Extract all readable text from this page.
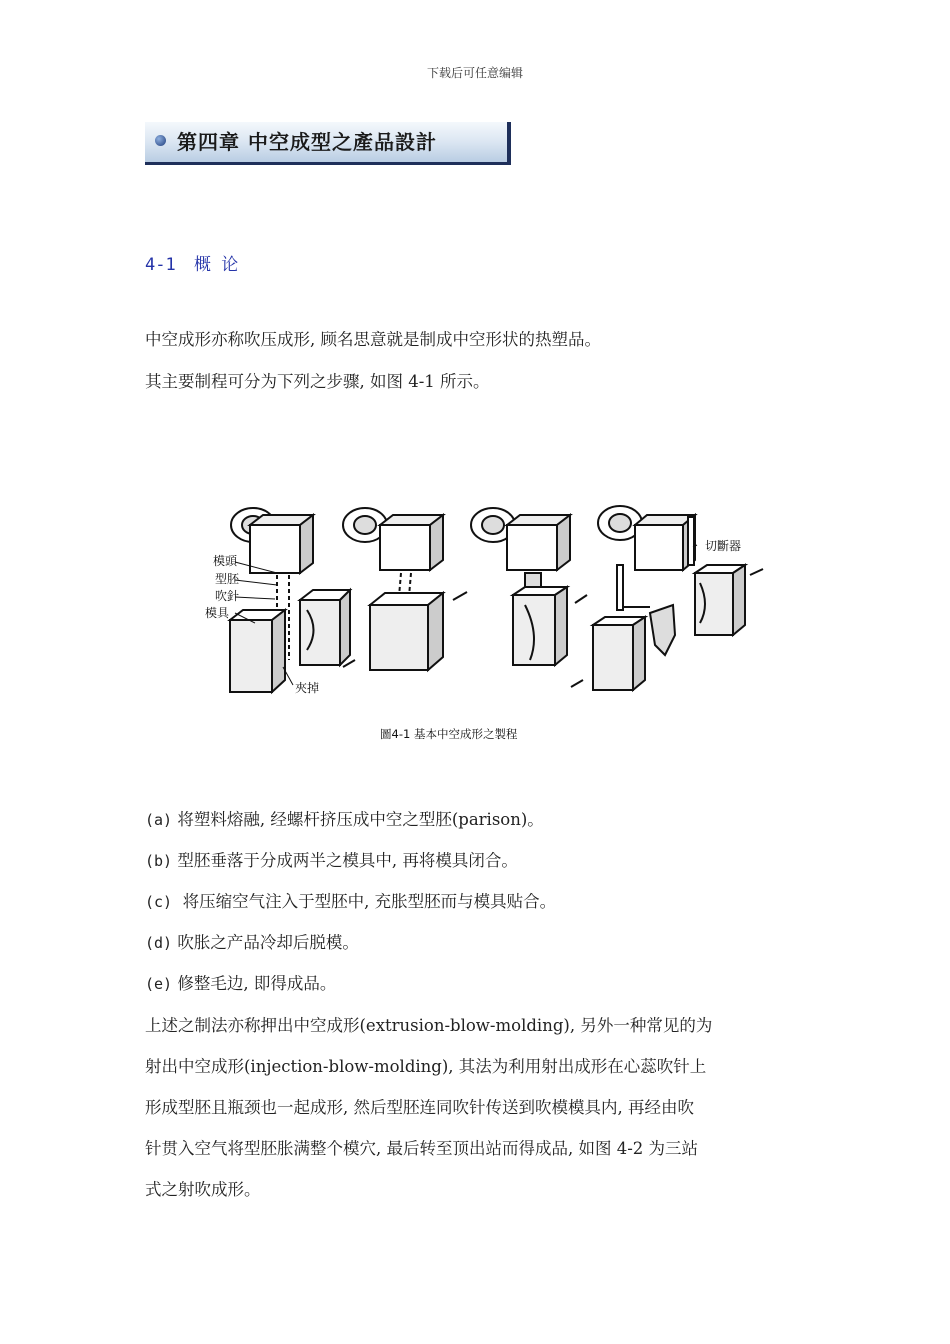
下载后可任意编辑
第四章 中空成型之產品設計
4-1 概 论
中空成形亦称吹压成形, 顾名思意就是制成中空形状的热塑品。
其主要制程可分为下列之步骤, 如图 4-1 所示。
模頭
型胚
吹針
模具
夾掉
切斷器
圖4-1 基本中空成形之製程
(a) 将塑料熔融, 经螺杆挤压成中空之型胚(parison)。
(b) 型胚垂落于分成两半之模具中, 再将模具闭合。
(c)  将压缩空气注入于型胚中, 充胀型胚而与模具贴合。
(d) 吹胀之产品冷却后脱模。
(e) 修整毛边, 即得成品。
上述之制法亦称押出中空成形(extrusion-blow-molding), 另外一种常见的为
射出中空成形(injection-blow-molding), 其法为利用射出成形在心蕊吹针上
形成型胚且瓶颈也一起成形, 然后型胚连同吹针传送到吹模模具内, 再经由吹
针贯入空气将型胚胀满整个模穴, 最后转至顶出站而得成品, 如图 4-2 为三站
式之射吹成形。
